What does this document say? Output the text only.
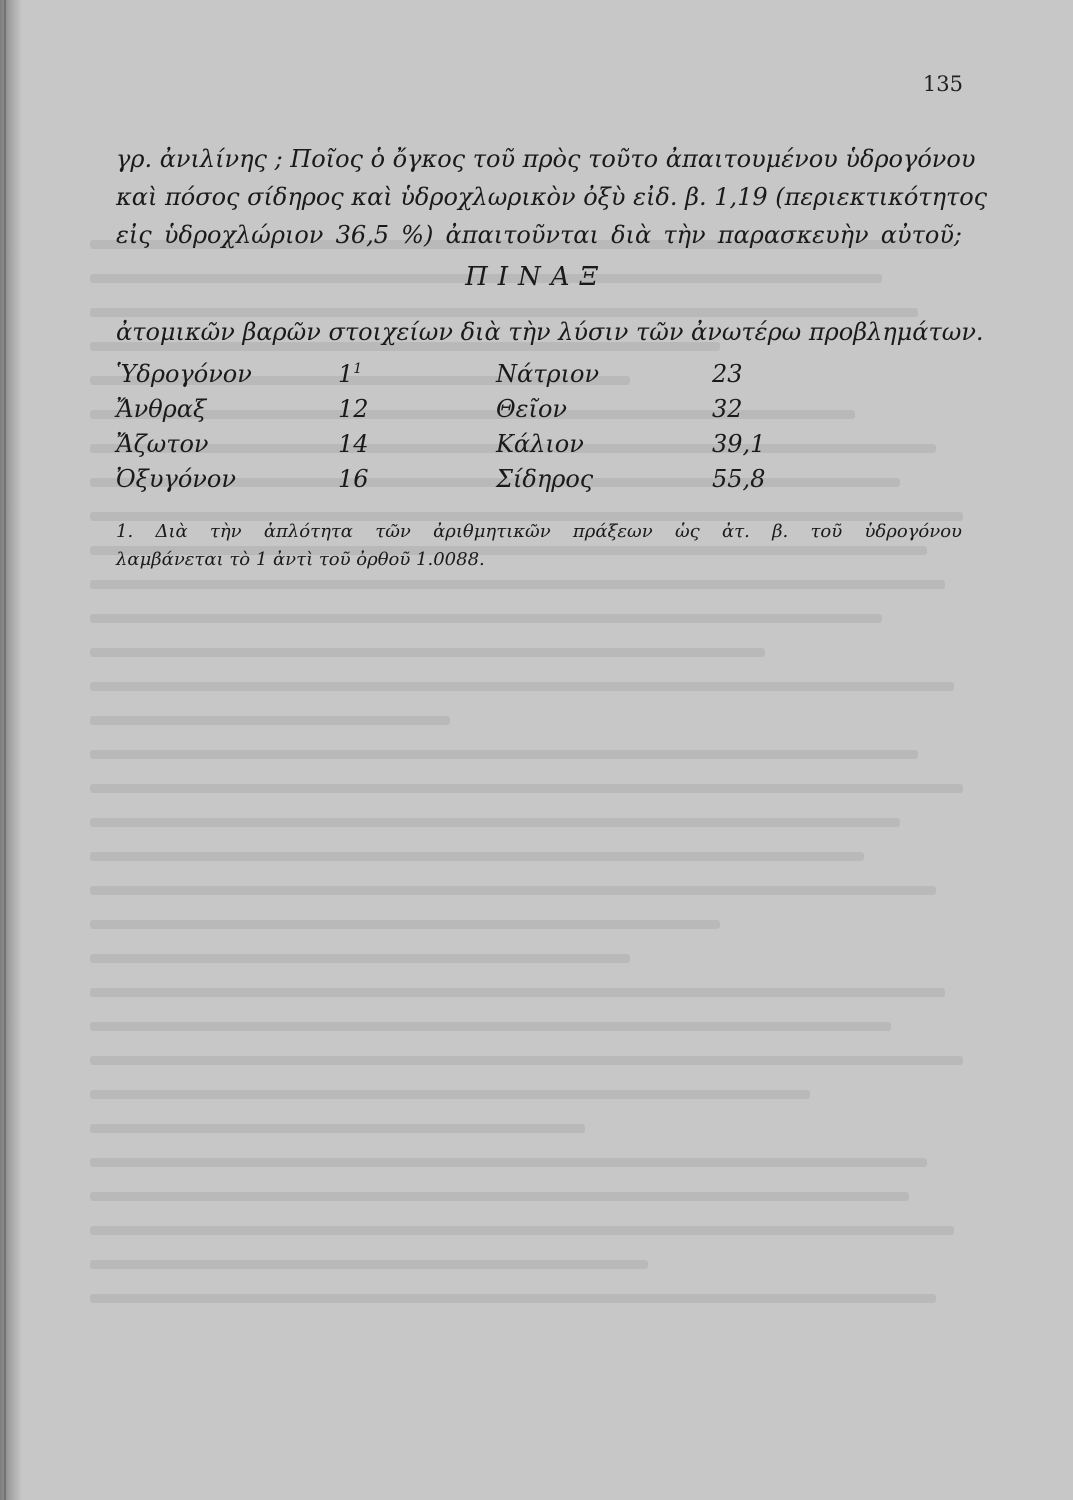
135
γρ. ἀνιλίνης ; Ποῖος ὁ ὄγκος τοῦ πρὸς τοῦτο ἀπαιτουμένου ὑδρογόνου
καὶ πόσος σίδηρος καὶ ὑδροχλωρικὸν ὀξὺ εἰδ. β. 1,19 (περιεκτικότητος
εἰς ὑδροχλώριον 36,5 %) ἀπαιτοῦνται διὰ τὴν παρασκευὴν αὐτοῦ;
ΠΙΝΑΞ
ἀτομικῶν βαρῶν στοιχείων διὰ τὴν λύσιν τῶν ἀνωτέρω προβλημάτων.
Ὑδρογόνον	1$^1$	Νάτριον	23
Ἄνθραξ	12	Θεῖον	32
Ἄζωτον	14	Κάλιον	39,1
Ὀξυγόνον	16	Σίδηρος	55,8
1. Διὰ τὴν ἁπλότητα τῶν ἀριθμητικῶν πράξεων ὡς ἀτ. β. τοῦ ὑδρογόνου
λαμβάνεται τὸ 1 ἀντὶ τοῦ ὀρθοῦ 1.0088.
